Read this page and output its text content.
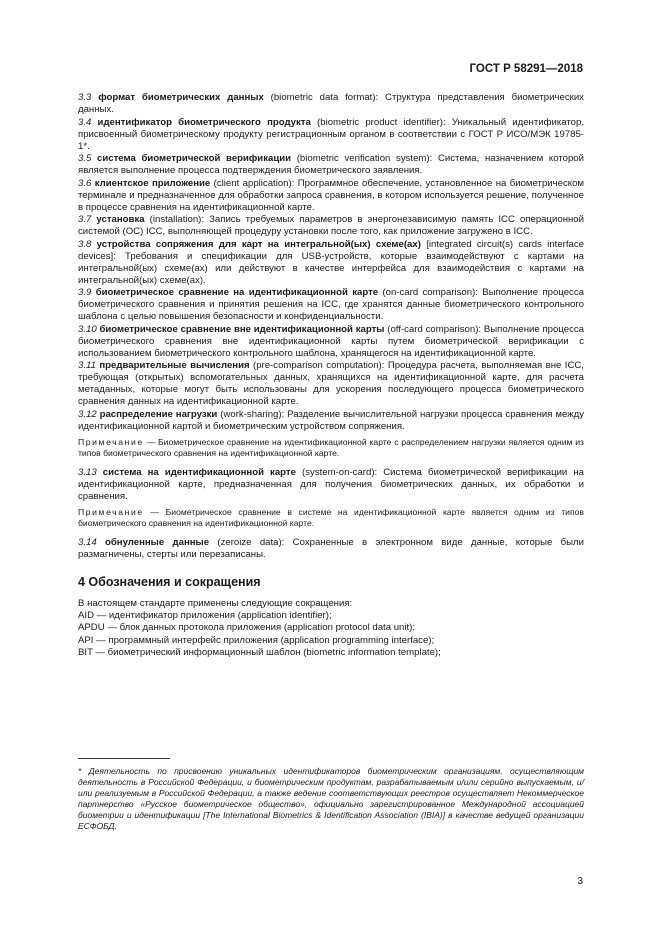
ГОСТ Р 58291—2018

3.3 формат биометрических данных (biometric data format): Структура представления биометрических данных.

3.4 идентификатор биометрического продукта (biometric product identifier): Уникальный идентификатор, присвоенный биометрическому продукту регистрационным органом в соответствии с ГОСТ Р ИСО/МЭК 19785-1*.

3.5 система биометрической верификации (biometric verification system): Система, назначением которой является выполнение процесса подтверждения биометрического заявления.

3.6 клиентское приложение (client application): Программное обеспечение, установленное на биометрическом терминале и предназначенное для обработки запроса сравнения, в котором используется решение, полученное в процессе сравнения на идентификационной карте.

3.7 установка (installation): Запись требуемых параметров в энергонезависимую память ICC операционной системой (ОС) ICC, выполняющей процедуру установки после того, как приложение загружено в ICC.

3.8 устройства сопряжения для карт на интегральной(ых) схеме(ах) [integrated circuit(s) cards interface devices]: Требования и спецификации для USB-устройств, которые взаимодействуют с картами на интегральной(ых) схеме(ах) или действуют в качестве интерфейса для взаимодействия с картами на интегральной(ых) схеме(ах).

3.9 биометрическое сравнение на идентификационной карте (on-card comparison): Выполнение процесса биометрического сравнения и принятия решения на ICC, где хранятся данные биометрического контрольного шаблона с целью повышения безопасности и конфиденциальности.

3.10 биометрическое сравнение вне идентификационной карты (off-card comparison): Выполнение процесса биометрического сравнения вне идентификационной карты путем биометрической верификации с использованием биометрического контрольного шаблона, хранящегося на идентификационной карте.

3.11 предварительные вычисления (pre-comparison computation): Процедура расчета, выполняемая вне ICC, требующая (открытых) вспомогательных данных, хранящихся на идентификационной карте, для расчета метаданных, которые могут быть использованы для ускорения последующего процесса биометрического сравнения данных на идентификационной карте.

3.12 распределение нагрузки (work-sharing): Разделение вычислительной нагрузки процесса сравнения между идентификационной картой и биометрическим устройством сопряжения.

Примечание — Биометрическое сравнение на идентификационной карте с распределением нагрузки является одним из типов биометрического сравнения на идентификационной карте.

3.13 система на идентификационной карте (system-on-card): Система биометрической верификации на идентификационной карте, предназначенная для получения биометрических данных, их обработки и сравнения.

Примечание — Биометрическое сравнение в системе на идентификационной карте является одним из типов биометрического сравнения на идентификационной карте.

3.14 обнуленные данные (zeroize data): Сохраненные в электронном виде данные, которые были размагничены, стерты или перезаписаны.

4 Обозначения и сокращения

В настоящем стандарте применены следующие сокращения:

AID — идентификатор приложения (application identifier);

APDU — блок данных протокола приложения (application protocol data unit);

API — программный интерфейс приложения (application programming interface);

BIT — биометрический информационный шаблон (biometric information template);

* Деятельность по присвоению уникальных идентификаторов биометрическим организациям, осуществляющим деятельность в Российской Федерации, и биометрическим продуктам, разрабатываемым и/или серийно выпускаемым, и/или реализуемым в Российской Федерации, а также ведение соответствующих реестров осуществляет Некоммерческое партнерство «Русское биометрическое общество», официально зарегистрированное Международной ассоциацией биометрии и идентификации [The International Biometrics & Identification Association (IBIA)] в качестве ведущей организации ЕСФОБД.
3
